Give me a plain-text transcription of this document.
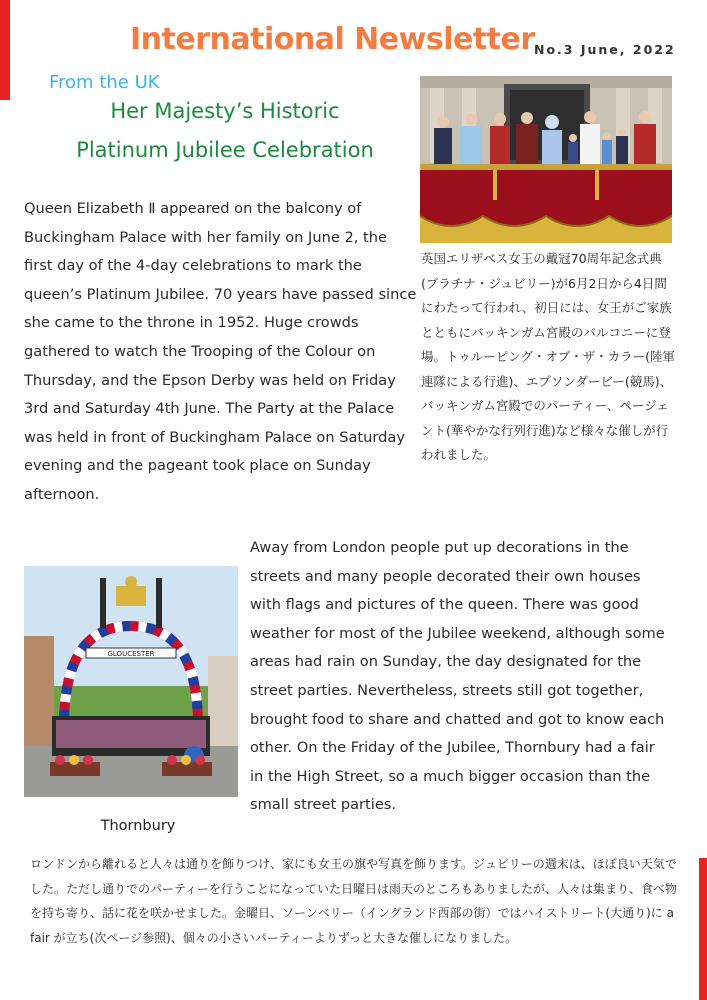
International Newsletter No.3 June, 2022
From the UK
Her Majesty’s Historic
Platinum Jubilee Celebration
Queen Elizabeth Ⅱ appeared on the balcony of Buckingham Palace with her family on June 2, the first day of the 4-day celebrations to mark the queen’s Platinum Jubilee. 70 years have passed since she came to the throne in 1952. Huge crowds gathered to watch the Trooping of the Colour on Thursday, and the Epson Derby was held on Friday 3rd and Saturday 4th June. The Party at the Palace was held in front of Buckingham Palace on Saturday evening and the pageant took place on Sunday afternoon.
英国エリザベス女王の戴冠70周年記念式典(プラチナ・ジュビリー)が6月2日から4日間にわたって行われ、初日には、女王がご家族とともにバッキンガム宮殿のバルコニーに登場。トゥルーピング・オブ・ザ・カラー(陸軍連隊による行進)、エプソンダービー(競馬)、バッキンガム宮殿でのパーティー、ページェント(華やかな行列行進)など様々な催しが行われました。
GLOUCESTER
Thornbury
Away from London people put up decorations in the streets and many people decorated their own houses with flags and pictures of the queen. There was good weather for most of the Jubilee weekend, although some areas had rain on Sunday, the day designated for the street parties. Nevertheless, streets still got together, brought food to share and chatted and got to know each other. On the Friday of the Jubilee, Thornbury had a fair in the High Street, so a much bigger occasion than the small street parties.
ロンドンから離れると人々は通りを飾りつけ、家にも女王の旗や写真を飾ります。ジュビリーの週末は、ほぼ良い天気でした。ただし通りでのパーティーを行うことになっていた日曜日は雨天のところもありましたが、人々は集まり、食べ物を持ち寄り、話に花を咲かせました。金曜日、ソーンベリー（イングランド西部の街）ではハイストリート(大通り)に a fair が立ち(次ページ参照)、個々の小さいパーティーよりずっと大きな催しになりました。
